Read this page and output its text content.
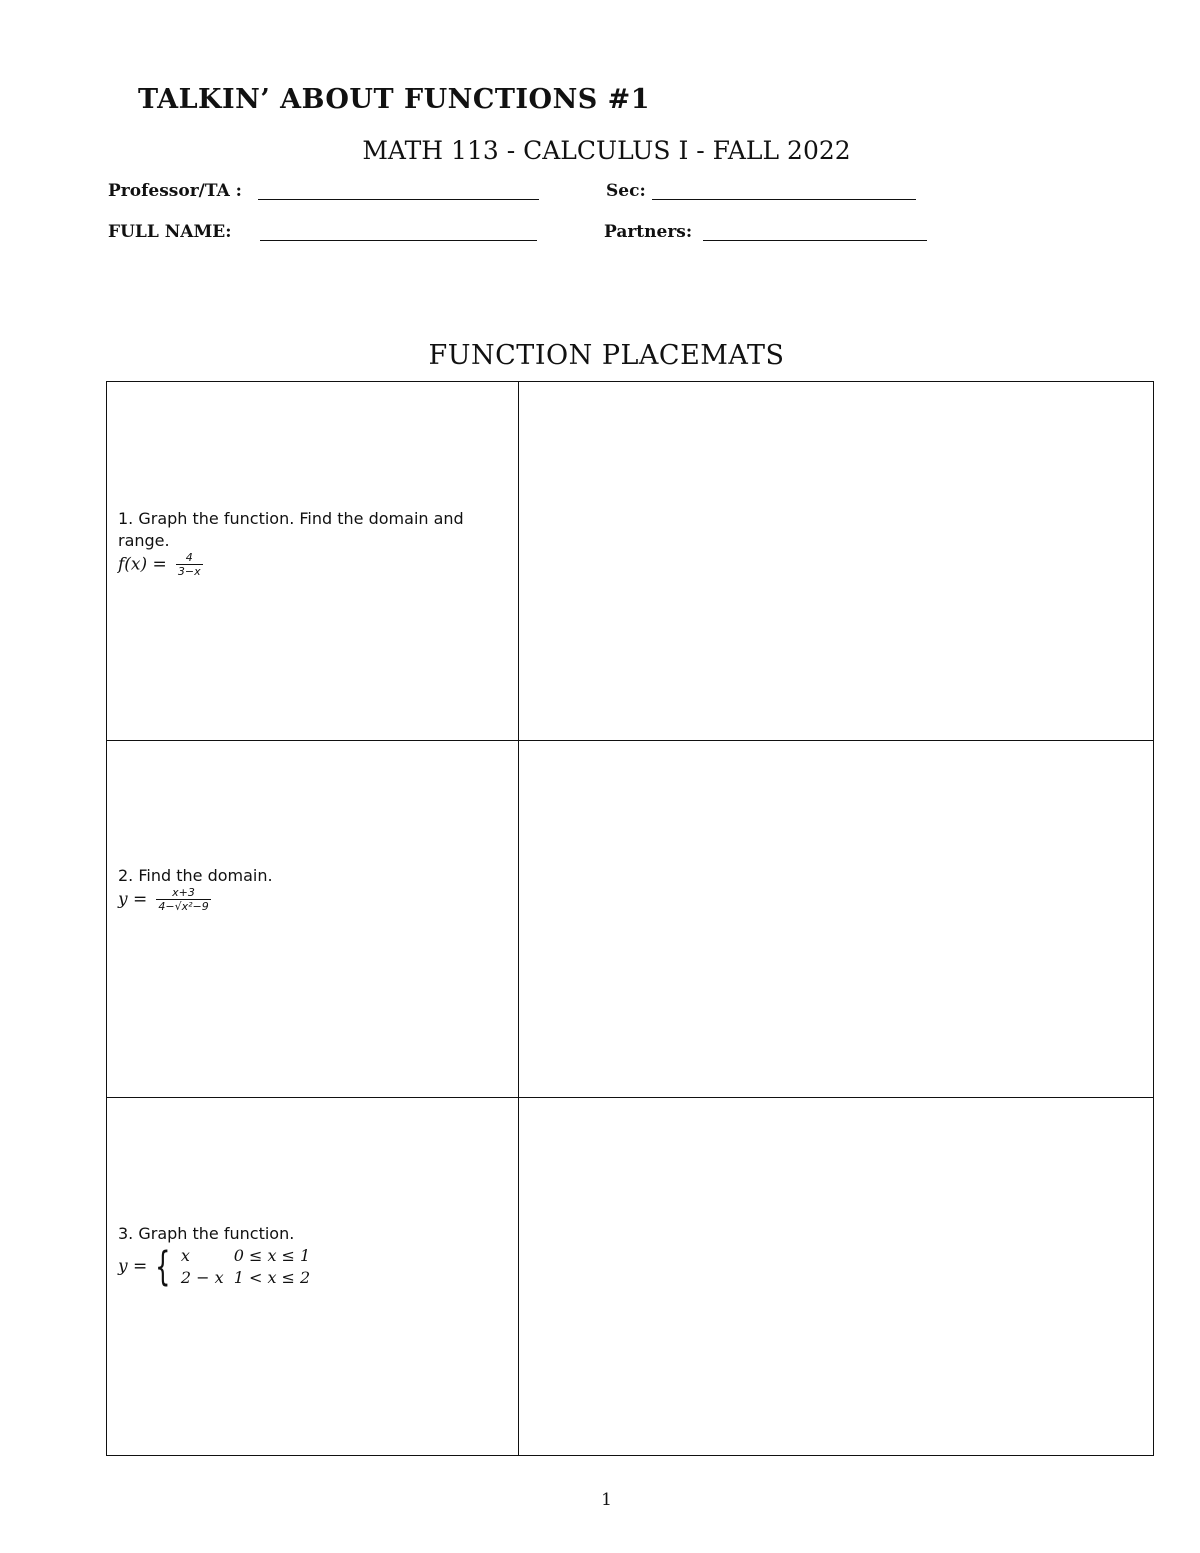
TALKIN’ ABOUT FUNCTIONS #1
MATH 113 - CALCULUS I - FALL 2022
Professor/TA :	Sec:
FULL NAME:	Partners:
FUNCTION PLACEMATS
1. Graph the function. Find the domain and range.
$f(x) = \frac{4}{3-x}$
2. Find the domain.
$y = \frac{x+3}{\text{4−√x²−9}}$
3. Graph the function.
y = { x	0 ≤ x ≤ 1
2 − x	1 < x ≤ 2
1
